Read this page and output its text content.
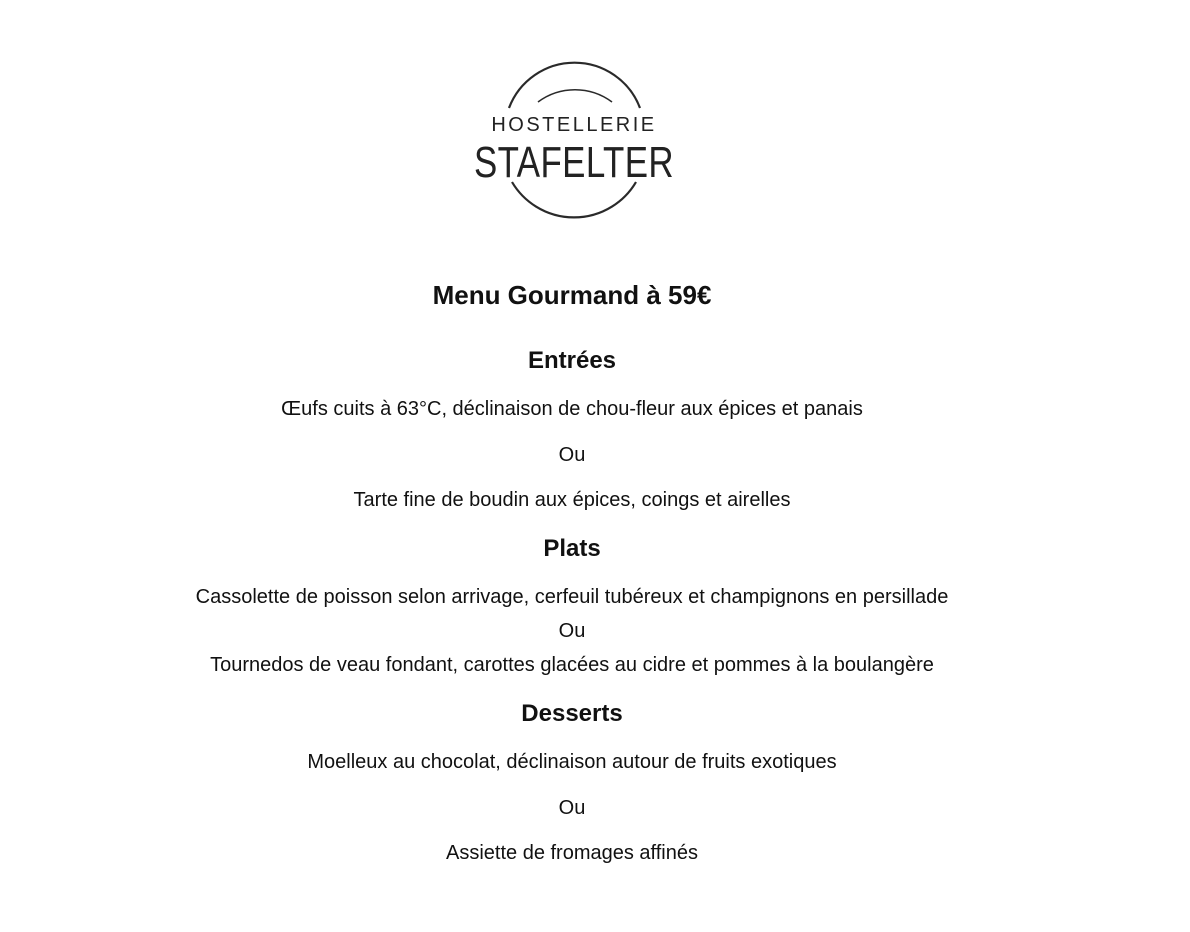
HOSTELLERIE
STAFELTER
Menu Gourmand à 59€
Entrées
Œufs cuits à 63°C, déclinaison de chou-fleur aux épices et panais
Ou
Tarte fine de boudin aux épices, coings et airelles
Plats
Cassolette de poisson selon arrivage, cerfeuil tubéreux et champignons en persillade
Ou
Tournedos de veau fondant, carottes glacées au cidre et pommes à la boulangère
Desserts
Moelleux au chocolat, déclinaison autour de fruits exotiques
Ou
Assiette de fromages affinés
